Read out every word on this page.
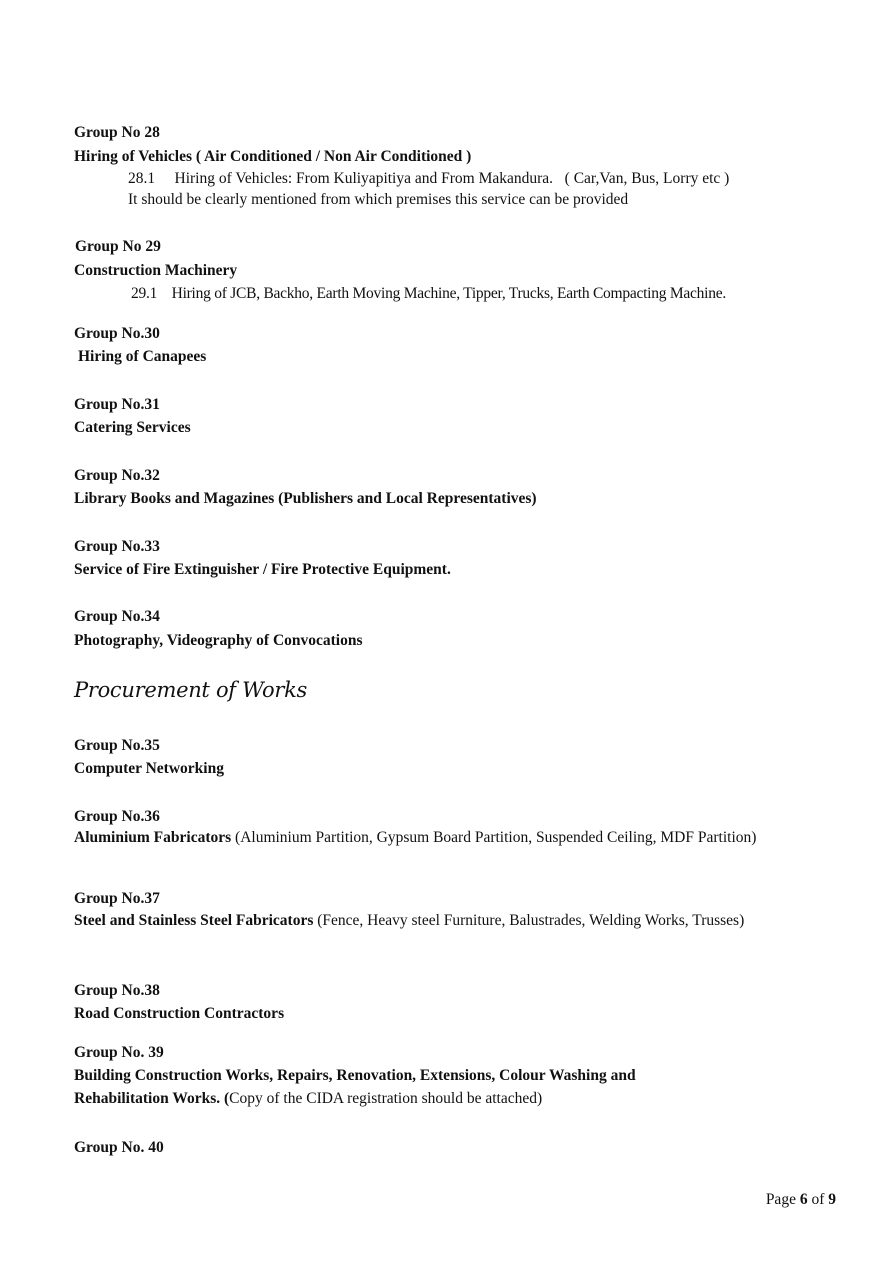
Group No 28
Hiring of Vehicles ( Air Conditioned / Non Air Conditioned )
28.1     Hiring of Vehicles: From Kuliyapitiya and From Makandura.   ( Car,Van, Bus, Lorry etc )
It should be clearly mentioned from which premises this service can be provided
Group No 29
Construction Machinery
29.1    Hiring of JCB, Backho, Earth Moving Machine, Tipper, Trucks, Earth Compacting Machine.
Group No.30
Hiring of Canapees
Group No.31
Catering Services
Group No.32
Library Books and Magazines (Publishers and Local Representatives)
Group No.33
Service of Fire Extinguisher / Fire Protective Equipment.
Group No.34
Photography, Videography of Convocations
Procurement of Works
Group No.35
Computer Networking
Group No.36
Aluminium Fabricators (Aluminium Partition, Gypsum Board Partition, Suspended Ceiling, MDF Partition)
Group No.37
Steel and Stainless Steel Fabricators (Fence, Heavy steel Furniture, Balustrades, Welding Works, Trusses)
Group No.38
Road Construction Contractors
Group No. 39
Building Construction Works, Repairs, Renovation, Extensions, Colour Washing and
Rehabilitation Works. (Copy of the CIDA registration should be attached)
Group No. 40
Page 6 of 9
